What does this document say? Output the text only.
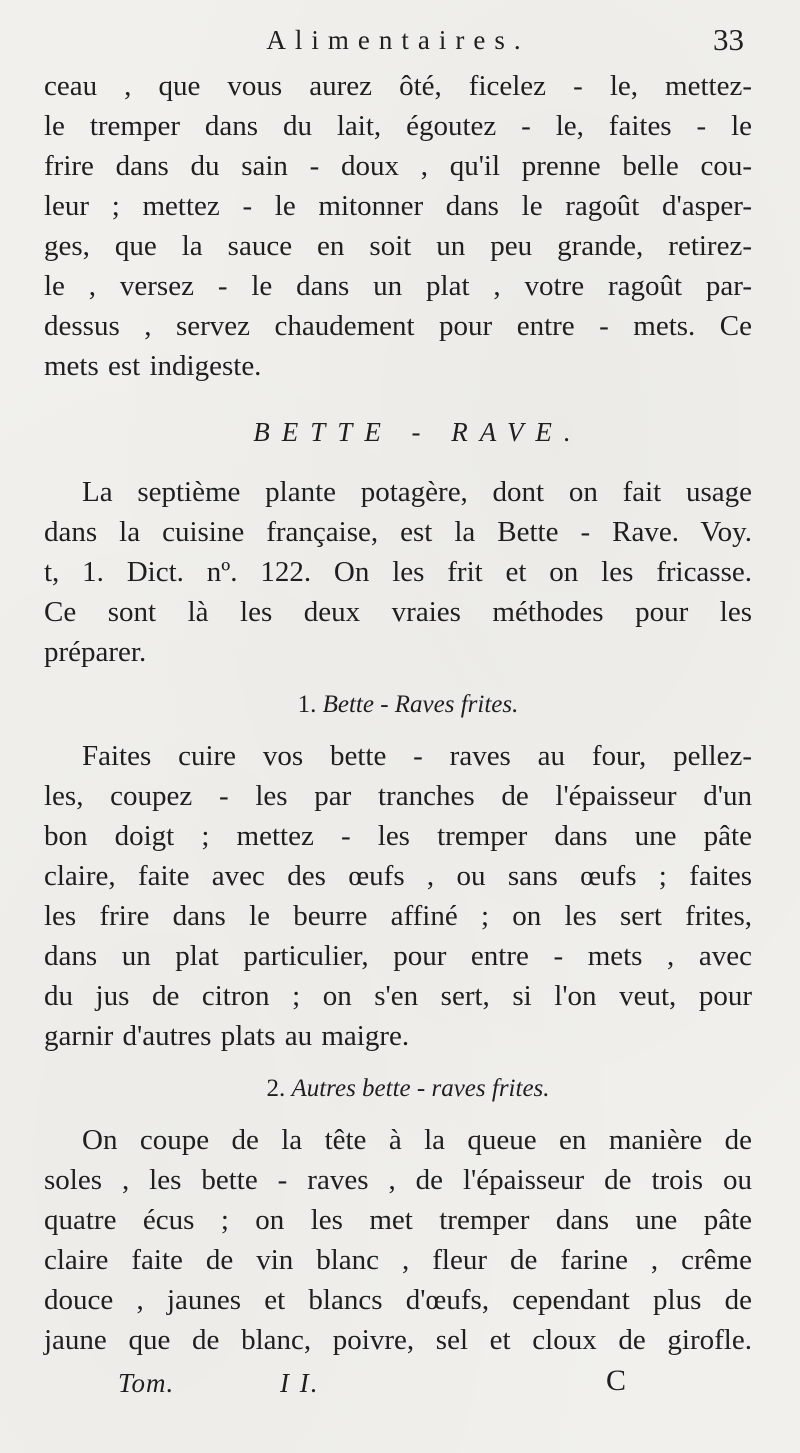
Alimentaires.	33
ceau , que vous aurez ôté, ficelez - le, mettez-
le tremper dans du lait, égoutez - le, faites - le
frire dans du sain - doux , qu'il prenne belle cou-
leur ; mettez - le mitonner dans le ragoût d'asper-
ges, que la sauce en soit un peu grande, retirez-
le , versez - le dans un plat , votre ragoût par-
dessus , servez chaudement pour entre - mets. Ce
mets est indigeste.
BETTE - RAVE.
La septième plante potagère, dont on fait usage
dans la cuisine française, est la Bette - Rave. Voy.
t, 1. Dict. nº. 122. On les frit et on les fricasse.
Ce sont là les deux vraies méthodes pour les
préparer.
1. Bette - Raves frites.
Faites cuire vos bette - raves au four, pellez-
les, coupez - les par tranches de l'épaisseur d'un
bon doigt ; mettez - les tremper dans une pâte
claire, faite avec des œufs , ou sans œufs ; faites
les frire dans le beurre affiné ; on les sert frites,
dans un plat particulier, pour entre - mets , avec
du jus de citron ; on s'en sert, si l'on veut, pour
garnir d'autres plats au maigre.
2. Autres bette - raves frites.
On coupe de la tête à la queue en manière de
soles , les bette - raves , de l'épaisseur de trois ou
quatre écus ; on les met tremper dans une pâte
claire faite de vin blanc , fleur de farine , crême
douce , jaunes et blancs d'œufs, cependant plus de
jaune que de blanc, poivre, sel et cloux de girofle.
Tom.	I I.	C
